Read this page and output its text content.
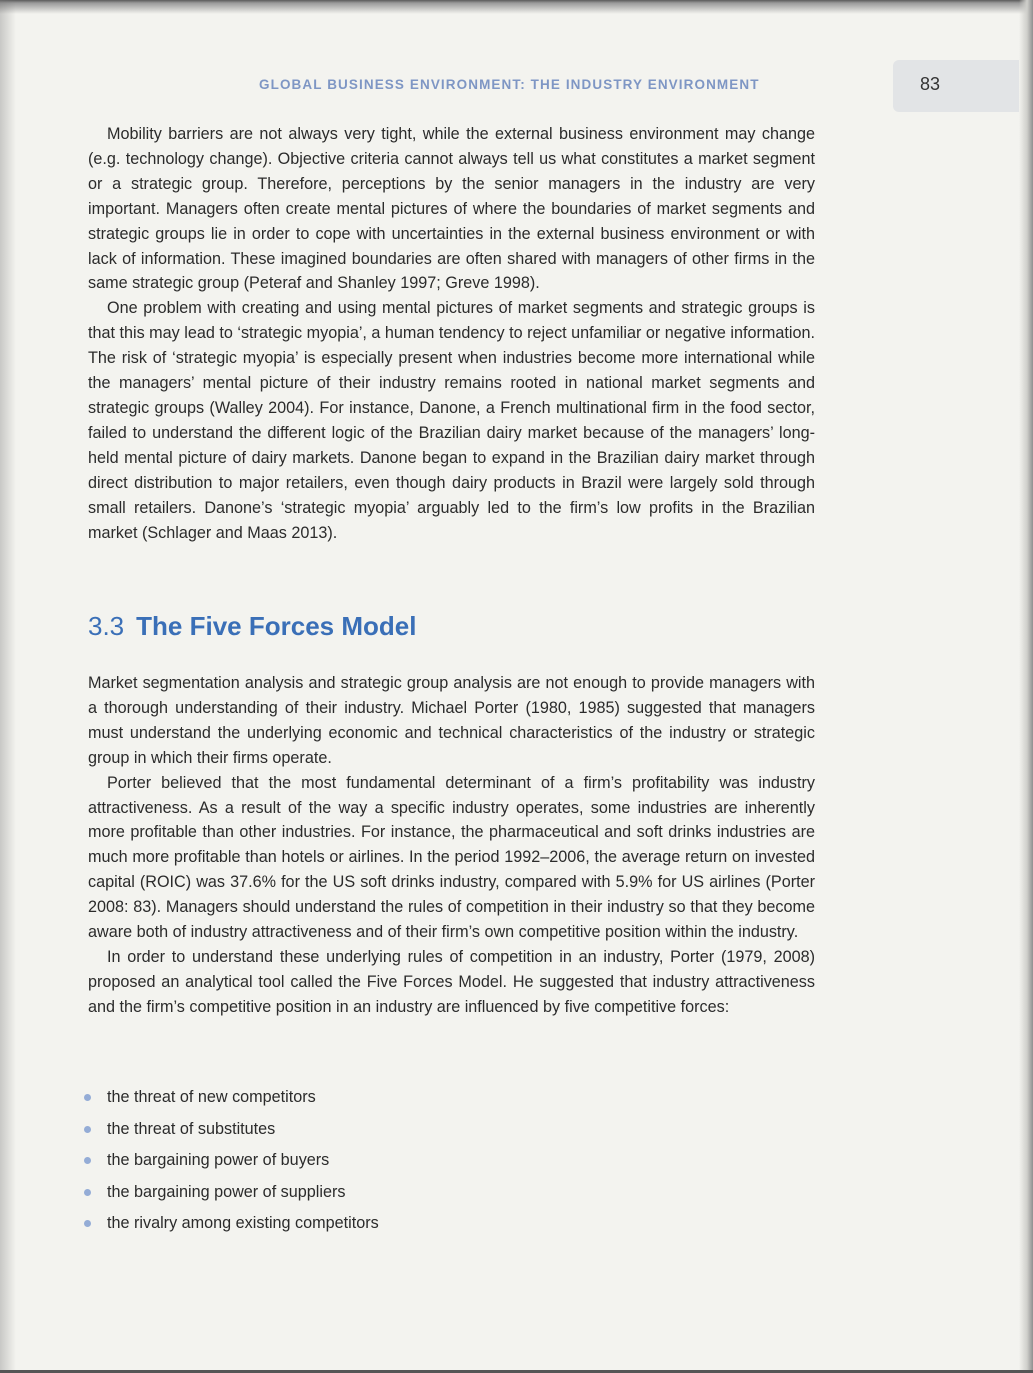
GLOBAL BUSINESS ENVIRONMENT: THE INDUSTRY ENVIRONMENT	83

Mobility barriers are not always very tight, while the external business environment may change (e.g. technology change). Objective criteria cannot always tell us what constitutes a market segment or a strategic group. Therefore, perceptions by the senior managers in the industry are very important. Managers often create mental pictures of where the boundaries of market segments and strategic groups lie in order to cope with uncertainties in the external business environment or with lack of information. These imagined boundaries are often shared with managers of other firms in the same strategic group (Peteraf and Shanley 1997; Greve 1998).

One problem with creating and using mental pictures of market segments and strategic groups is that this may lead to ‘strategic myopia’, a human tendency to reject unfamiliar or negative information. The risk of ‘strategic myopia’ is especially present when industries become more international while the managers’ mental picture of their industry remains rooted in national market segments and strategic groups (Walley 2004). For instance, Danone, a French multinational firm in the food sector, failed to understand the different logic of the Brazilian dairy market because of the managers’ long-held mental picture of dairy markets. Danone began to expand in the Brazilian dairy market through direct distribution to major retailers, even though dairy products in Brazil were largely sold through small retailers. Danone’s ‘strategic myopia’ arguably led to the firm’s low profits in the Brazilian market (Schlager and Maas 2013).

3.3 The Five Forces Model

Market segmentation analysis and strategic group analysis are not enough to provide managers with a thorough understanding of their industry. Michael Porter (1980, 1985) suggested that managers must understand the underlying economic and technical characteristics of the industry or strategic group in which their firms operate.

Porter believed that the most fundamental determinant of a firm’s profitability was industry attractiveness. As a result of the way a specific industry operates, some industries are inherently more profitable than other industries. For instance, the pharmaceutical and soft drinks industries are much more profitable than hotels or airlines. In the period 1992–2006, the average return on invested capital (ROIC) was 37.6% for the US soft drinks industry, compared with 5.9% for US airlines (Porter 2008: 83). Managers should understand the rules of competition in their industry so that they become aware both of industry attractiveness and of their firm’s own competitive position within the industry.

In order to understand these underlying rules of competition in an industry, Porter (1979, 2008) proposed an analytical tool called the Five Forces Model. He suggested that industry attractiveness and the firm’s competitive position in an industry are influenced by five competitive forces:

the threat of new competitors
the threat of substitutes
the bargaining power of buyers
the bargaining power of suppliers
the rivalry among existing competitors
